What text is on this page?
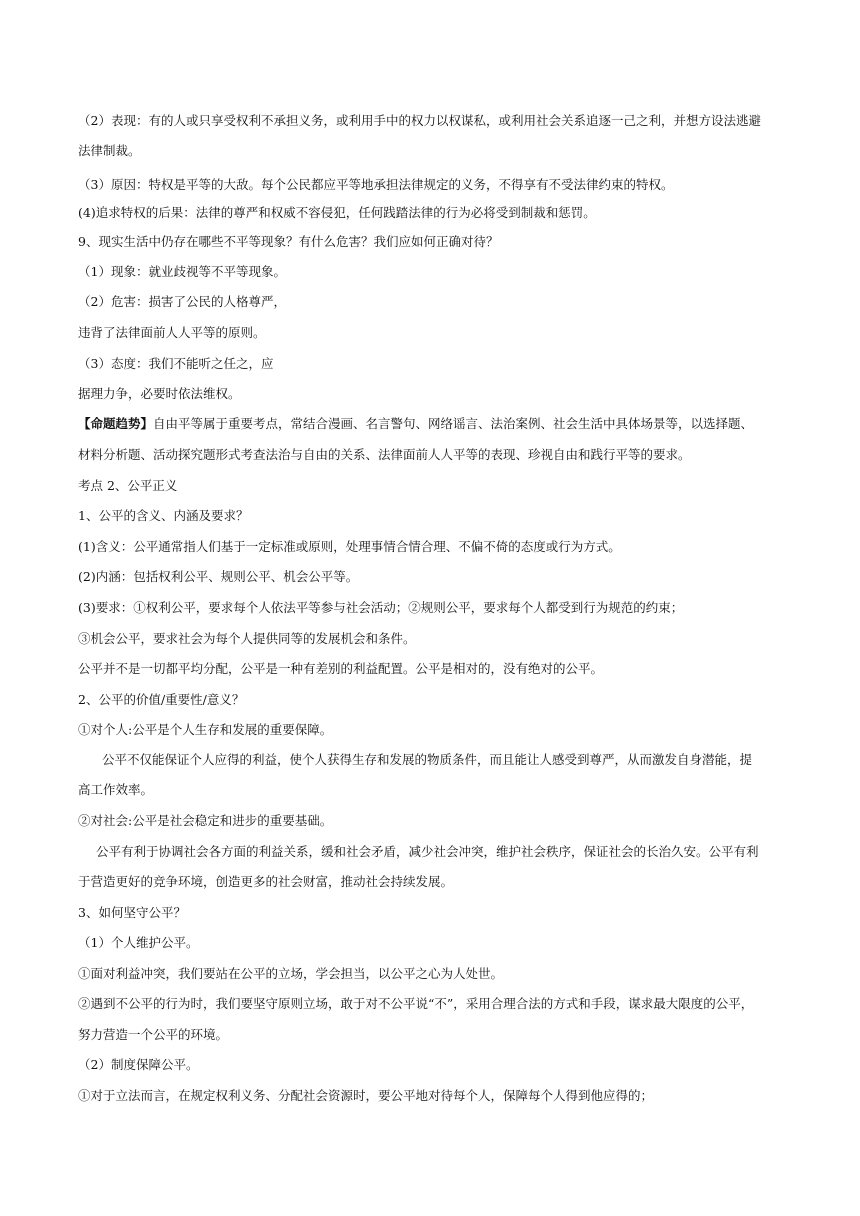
（2）表现：有的人或只享受权利不承担义务，或利用手中的权力以权谋私，或利用社会关系追逐一己之利，并想方设法逃避
法律制裁。
（3）原因：特权是平等的大敌。每个公民都应平等地承担法律规定的义务，不得享有不受法律约束的特权。
(4)追求特权的后果：法律的尊严和权威不容侵犯，任何践踏法律的行为必将受到制裁和惩罚。
9、现实生活中仍存在哪些不平等现象？有什么危害？我们应如何正确对待？
（1）现象：就业歧视等不平等现象。
（2）危害：损害了公民的人格尊严，
违背了法律面前人人平等的原则。
（3）态度：我们不能听之任之，应
据理力争，必要时依法维权。
【命题趋势】自由平等属于重要考点，常结合漫画、名言警句、网络谣言、法治案例、社会生活中具体场景等，以选择题、
材料分析题、活动探究题形式考查法治与自由的关系、法律面前人人平等的表现、珍视自由和践行平等的要求。
考点 2、公平正义
1、公平的含义、内涵及要求？
(1)含义：公平通常指人们基于一定标准或原则，处理事情合情合理、不偏不倚的态度或行为方式。
(2)内涵：包括权利公平、规则公平、机会公平等。
(3)要求：①权利公平，要求每个人依法平等参与社会活动；②规则公平，要求每个人都受到行为规范的约束；
③机会公平，要求社会为每个人提供同等的发展机会和条件。
公平并不是一切都平均分配，公平是一种有差别的利益配置。公平是相对的，没有绝对的公平。
2、公平的价值/重要性/意义？
①对个人:公平是个人生存和发展的重要保障。
公平不仅能保证个人应得的利益，使个人获得生存和发展的物质条件，而且能让人感受到尊严，从而激发自身潜能，提
高工作效率。
②对社会:公平是社会稳定和进步的重要基础。
公平有利于协调社会各方面的利益关系，缓和社会矛盾，减少社会冲突，维护社会秩序，保证社会的长治久安。公平有利
于营造更好的竞争环境，创造更多的社会财富，推动社会持续发展。
3、如何坚守公平？
（1）个人维护公平。
①面对利益冲突，我们要站在公平的立场，学会担当，以公平之心为人处世。
②遇到不公平的行为时，我们要坚守原则立场，敢于对不公平说“不”，采用合理合法的方式和手段，谋求最大限度的公平，
努力营造一个公平的环境。
（2）制度保障公平。
①对于立法而言，在规定权利义务、分配社会资源时，要公平地对待每个人，保障每个人得到他应得的；
